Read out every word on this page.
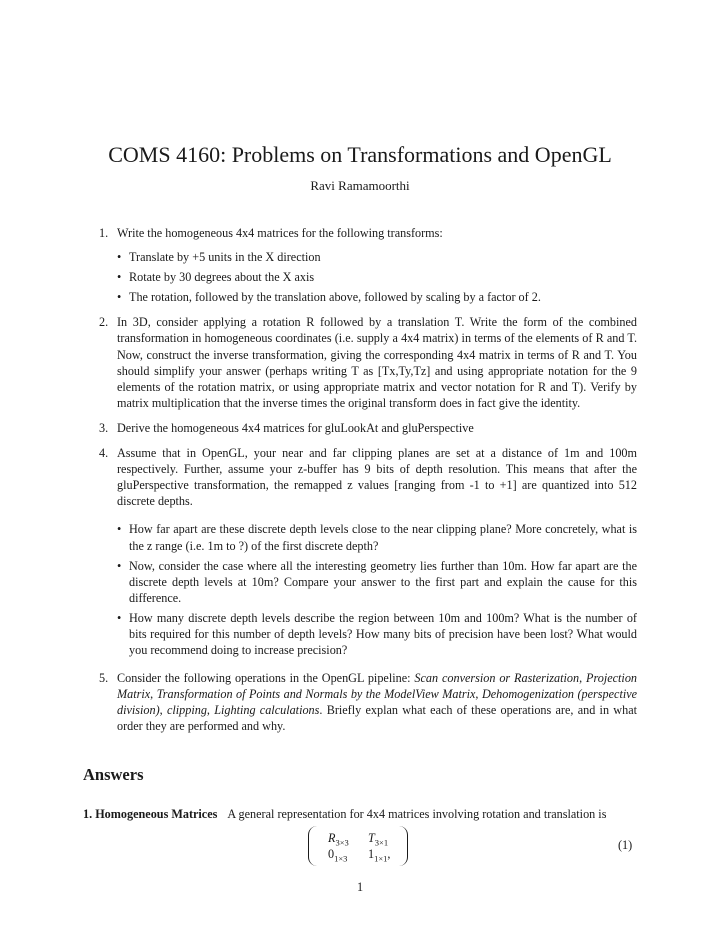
COMS 4160: Problems on Transformations and OpenGL
Ravi Ramamoorthi
1. Write the homogeneous 4x4 matrices for the following transforms:
• Translate by +5 units in the X direction
• Rotate by 30 degrees about the X axis
• The rotation, followed by the translation above, followed by scaling by a factor of 2.
2. In 3D, consider applying a rotation R followed by a translation T. Write the form of the combined transformation in homogeneous coordinates (i.e. supply a 4x4 matrix) in terms of the elements of R and T. Now, construct the inverse transformation, giving the corresponding 4x4 matrix in terms of R and T. You should simplify your answer (perhaps writing T as [Tx,Ty,Tz] and using appropriate notation for the 9 elements of the rotation matrix, or using appropriate matrix and vector notation for R and T). Verify by matrix multiplication that the inverse times the original transform does in fact give the identity.
3. Derive the homogeneous 4x4 matrices for gluLookAt and gluPerspective
4. Assume that in OpenGL, your near and far clipping planes are set at a distance of 1m and 100m respectively. Further, assume your z-buffer has 9 bits of depth resolution. This means that after the gluPerspective transformation, the remapped z values [ranging from -1 to +1] are quantized into 512 discrete depths.
• How far apart are these discrete depth levels close to the near clipping plane? More concretely, what is the z range (i.e. 1m to ?) of the first discrete depth?
• Now, consider the case where all the interesting geometry lies further than 10m. How far apart are the discrete depth levels at 10m? Compare your answer to the first part and explain the cause for this difference.
• How many discrete depth levels describe the region between 10m and 100m? What is the number of bits required for this number of depth levels? How many bits of precision have been lost? What would you recommend doing to increase precision?
5. Consider the following operations in the OpenGL pipeline: Scan conversion or Rasterization, Projection Matrix, Transformation of Points and Normals by the ModelView Matrix, Dehomogenization (perspective division), clipping, Lighting calculations. Briefly explan what each of these operations are, and in what order they are performed and why.
Answers
1. Homogeneous Matrices A general representation for 4x4 matrices involving rotation and translation is
$R_{3\times 3}$ $T_{3\times 1}$
$0_{1\times 3}$ $1_{1\times 1}$,
(1)
1
